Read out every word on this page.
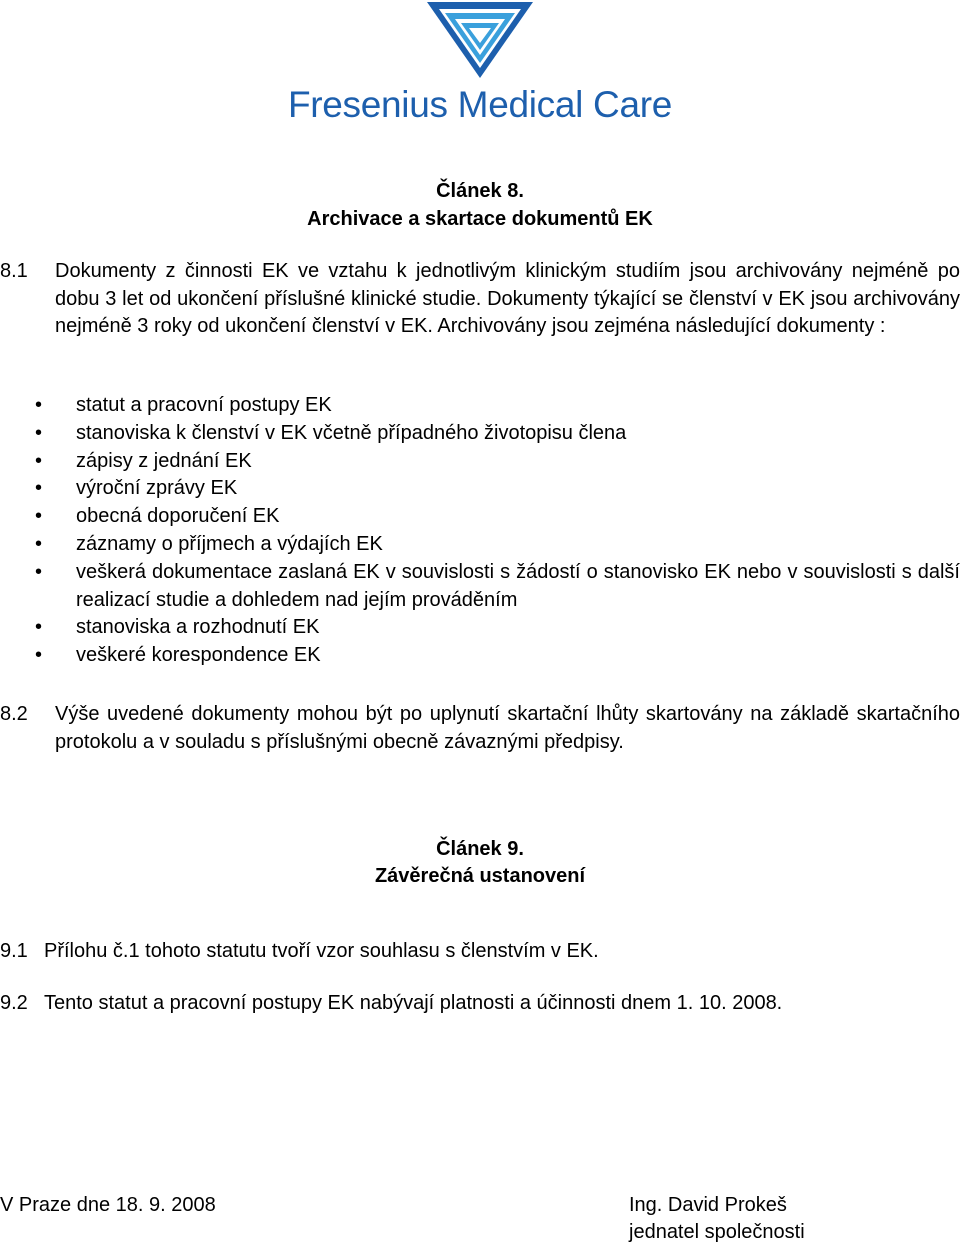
Fresenius Medical Care
Článek 8.
Archivace a skartace dokumentů EK
8.1 Dokumenty z činnosti EK ve vztahu k jednotlivým klinickým studiím jsou archivovány nejméně po dobu 3 let od ukončení příslušné klinické studie. Dokumenty týkající se členství v EK jsou archivovány nejméně 3 roky od ukončení členství v EK. Archivovány jsou zejména následující dokumenty :
• statut a pracovní postupy EK
• stanoviska k členství v EK včetně případného životopisu člena
• zápisy z jednání EK
• výroční zprávy EK
• obecná doporučení EK
• záznamy o příjmech a výdajích EK
• veškerá dokumentace zaslaná EK v souvislosti s žádostí o stanovisko EK nebo v souvislosti s další realizací studie a dohledem nad jejím prováděním
• stanoviska a rozhodnutí EK
• veškeré korespondence EK
8.2 Výše uvedené dokumenty mohou být po uplynutí skartační lhůty skartovány na základě skartačního protokolu a v souladu s příslušnými obecně závaznými předpisy.
Článek 9.
Závěrečná ustanovení
9.1 Přílohu č.1 tohoto statutu tvoří vzor souhlasu s členstvím v EK.
9.2 Tento statut a pracovní postupy EK nabývají platnosti a účinnosti dnem 1. 10. 2008.
V Praze dne 18. 9. 2008	Ing. David Prokeš
jednatel společnosti
